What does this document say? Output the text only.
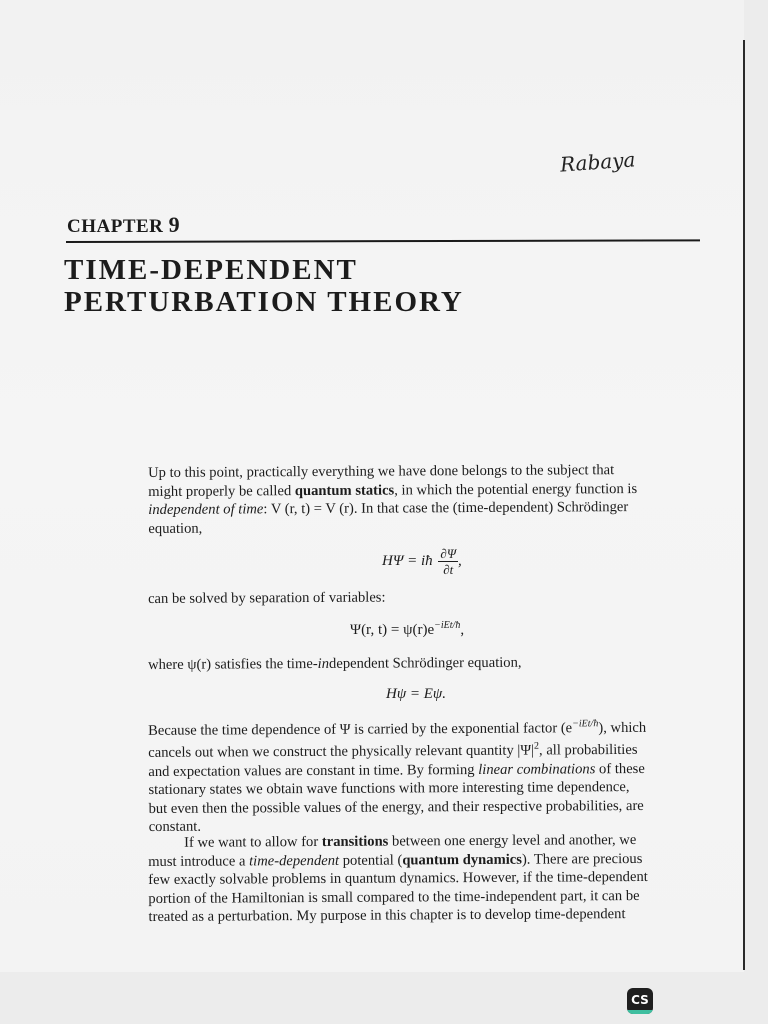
Rabaya
CHAPTER 9
TIME-DEPENDENT
PERTURBATION THEORY
Up to this point, practically everything we have done belongs to the subject that
might properly be called quantum statics, in which the potential energy function is
independent of time: V (r, t) = V (r). In that case the (time-dependent) Schrödinger
equation,
HΨ = iħ $\frac{\partial\Psi}{\partial t}$ ,
can be solved by separation of variables:
Ψ(r, $t) = \psi(r)e^{-iEt/ħ}$,
where ψ(r) satisfies the time-independent Schrödinger equation,
Hψ = Eψ.
Because the time dependence of Ψ is carried by the exponential factor $(e^{-iEt/ħ})$, which
cancels out when we construct the physically relevant quantity $|\Psi|^2$, all probabilities
and expectation values are constant in time. By forming linear combinations of these
stationary states we obtain wave functions with more interesting time dependence,
but even then the possible values of the energy, and their respective probabilities, are
constant.
If we want to allow for transitions between one energy level and another, we
must introduce a time-dependent potential (quantum dynamics). There are precious
few exactly solvable problems in quantum dynamics. However, if the time-dependent
portion of the Hamiltonian is small compared to the time-independent part, it can be
treated as a perturbation. My purpose in this chapter is to develop time-dependent
CS
